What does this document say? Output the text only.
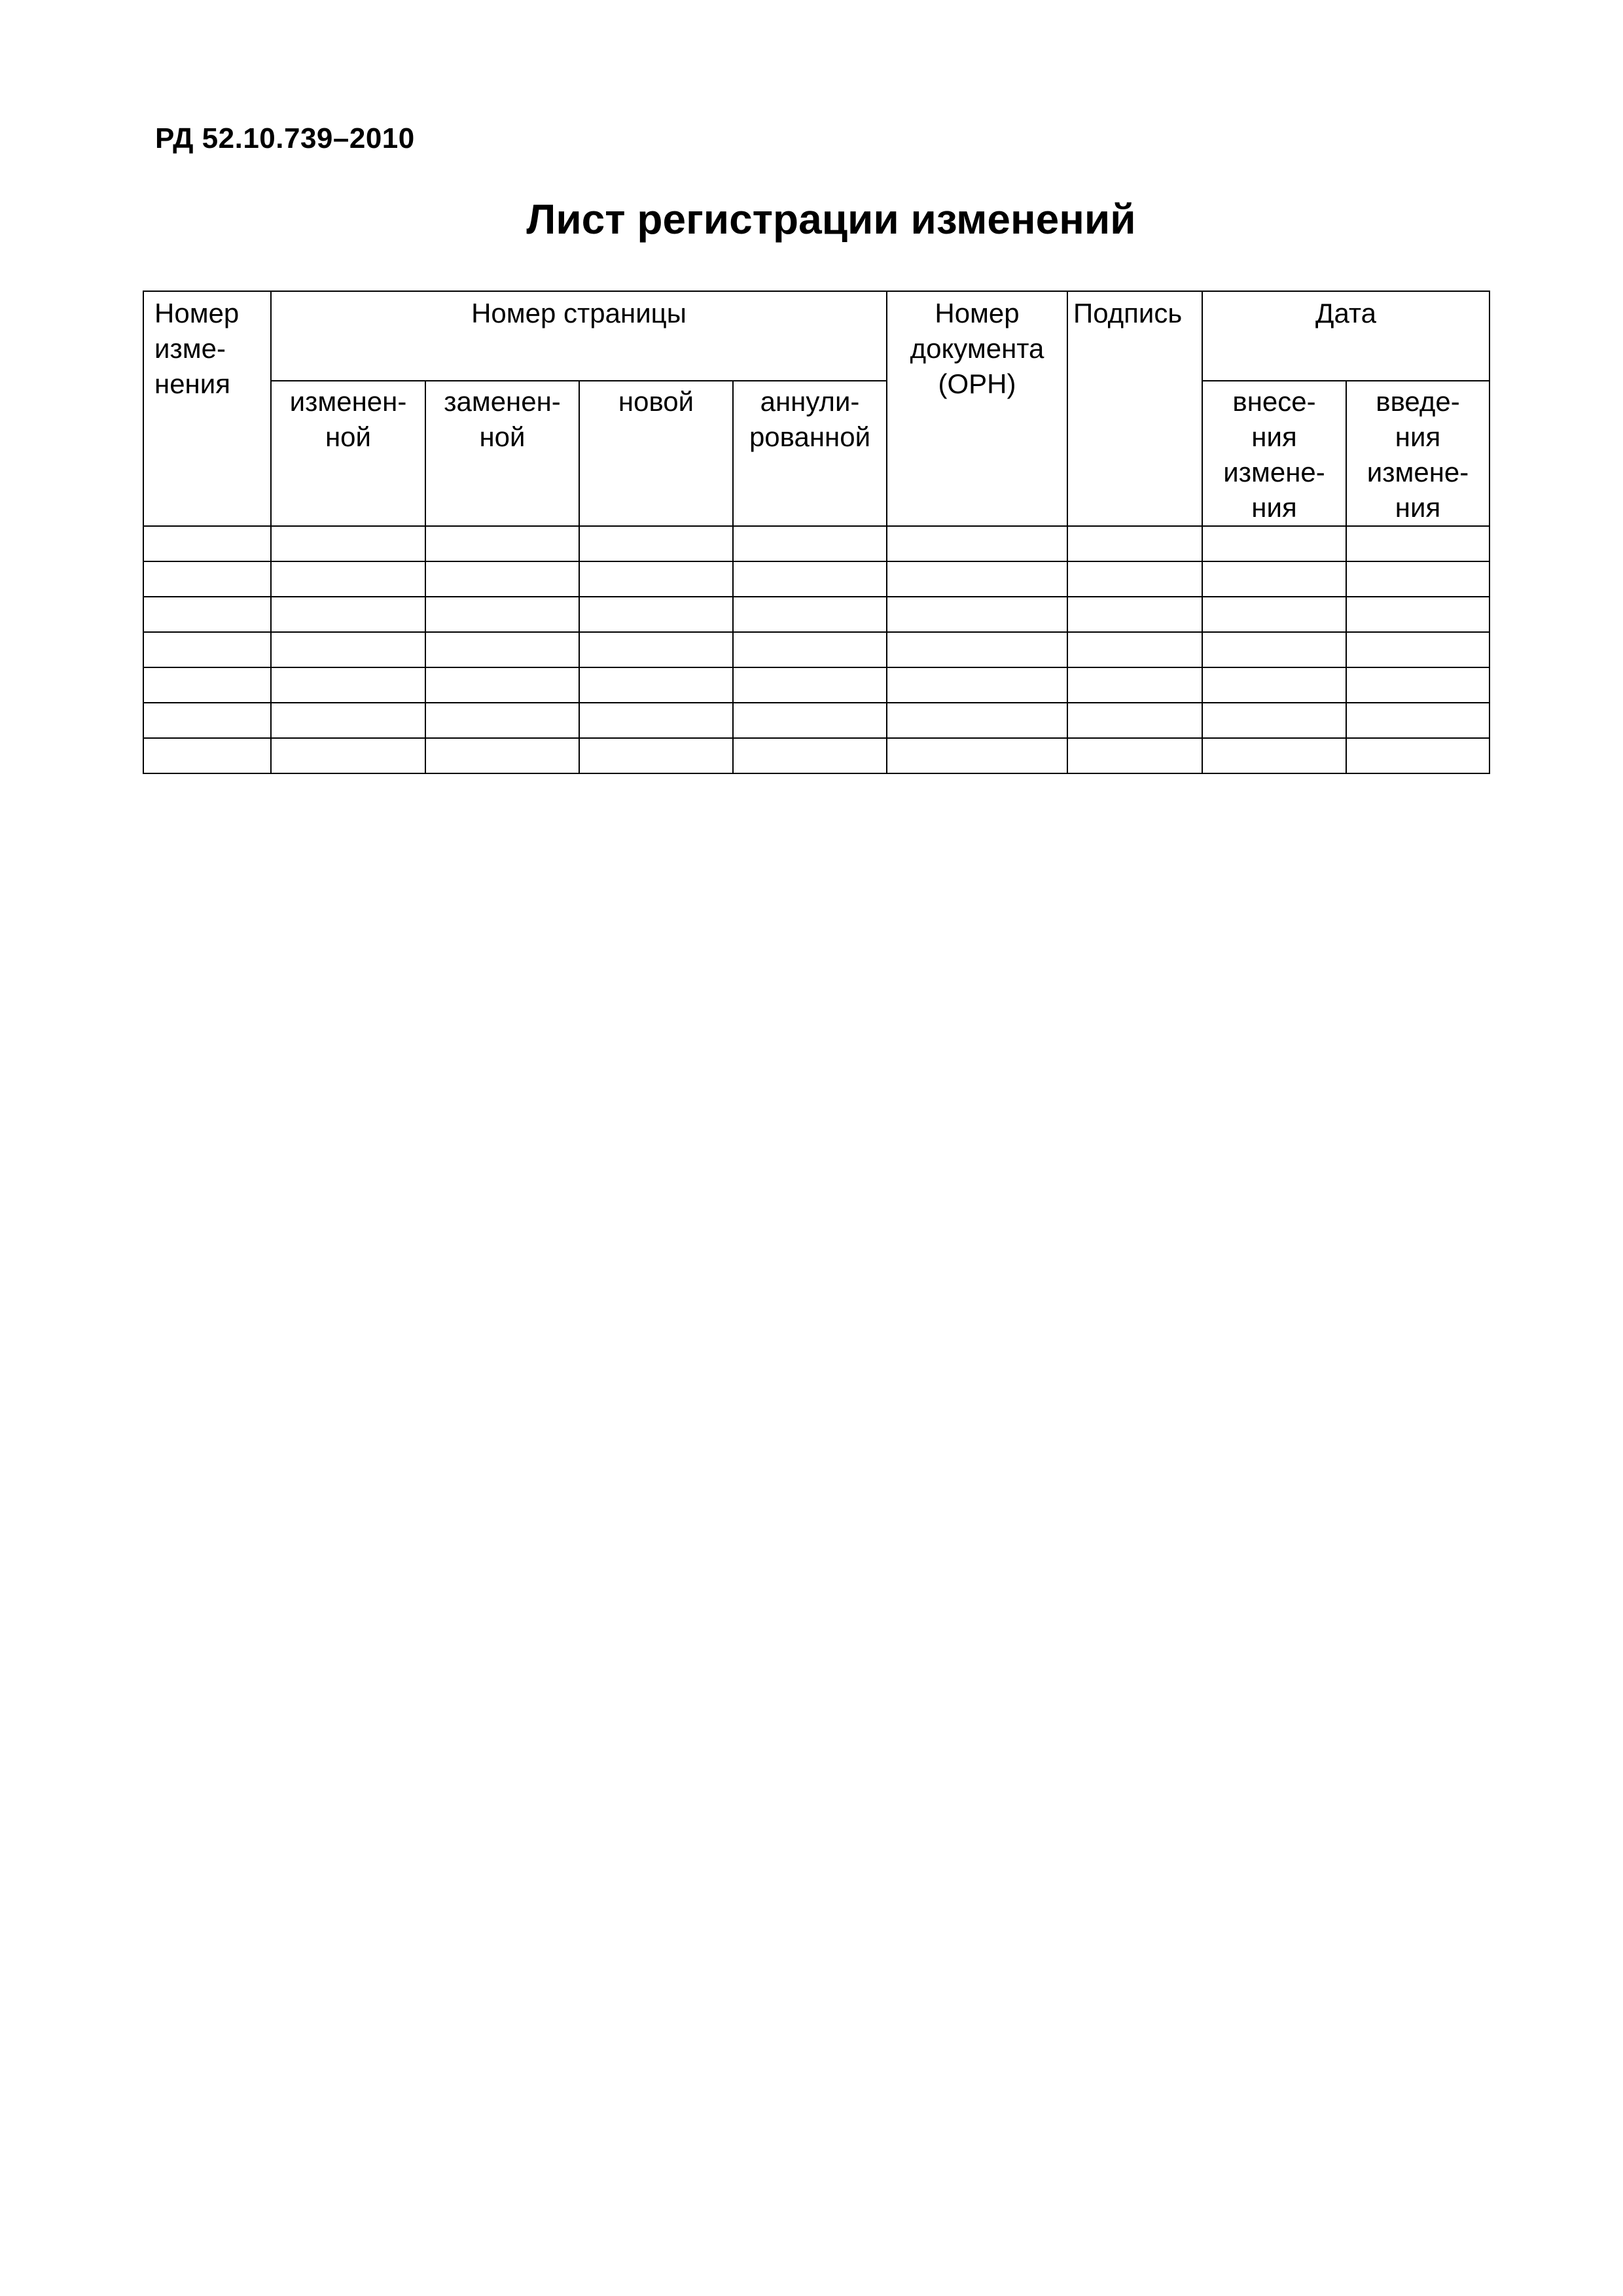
РД 52.10.739–2010
Лист регистрации изменений
Номер изме- нения	Номер страницы				Номер документа (ОРН)	Подпись	Дата	

	изменен- ной	заменен- ной	новой	аннули- рованной			внесе- ния измене- ния	введе- ния измене- ния
